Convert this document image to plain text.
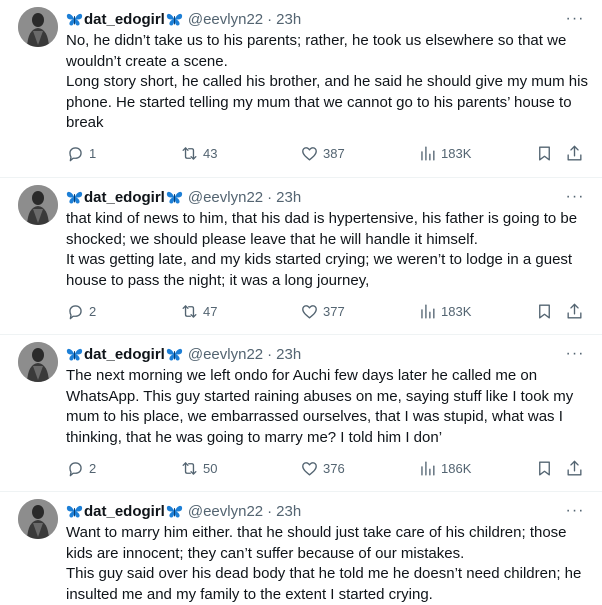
dat_edogirl @eevlyn22 · 23h	···

No, he didn’t take us to his parents; rather, he took us elsewhere so that we wouldn’t create a scene.

Long story short, he called his brother, and he said he should give my mum his phone. He started telling my mum that we cannot go to his parents’ house to break

1	43	387	183K
dat_edogirl @eevlyn22 · 23h	···

that kind of news to him, that his dad is hypertensive, his father is going to be shocked; we should please leave that he will handle it himself.

It was getting late, and my kids started crying; we weren’t to lodge in a guest house to pass the night; it was a long journey,

2	47	377	183K
dat_edogirl @eevlyn22 · 23h	···

The next morning we left ondo for Auchi few days later he called me on WhatsApp. This guy started raining abuses on me, saying stuff like I took my mum to his place, we embarrassed ourselves, that I was stupid, what was I thinking, that he was going to marry me? I told him I don’

2	50	376	186K
dat_edogirl @eevlyn22 · 23h	···

Want to marry him either. that he should just take care of his children; those kids are innocent; they can’t suffer because of our mistakes.

This guy said over his dead body that he told me he doesn’t need children; he insulted me and my family to the extent I started crying.
